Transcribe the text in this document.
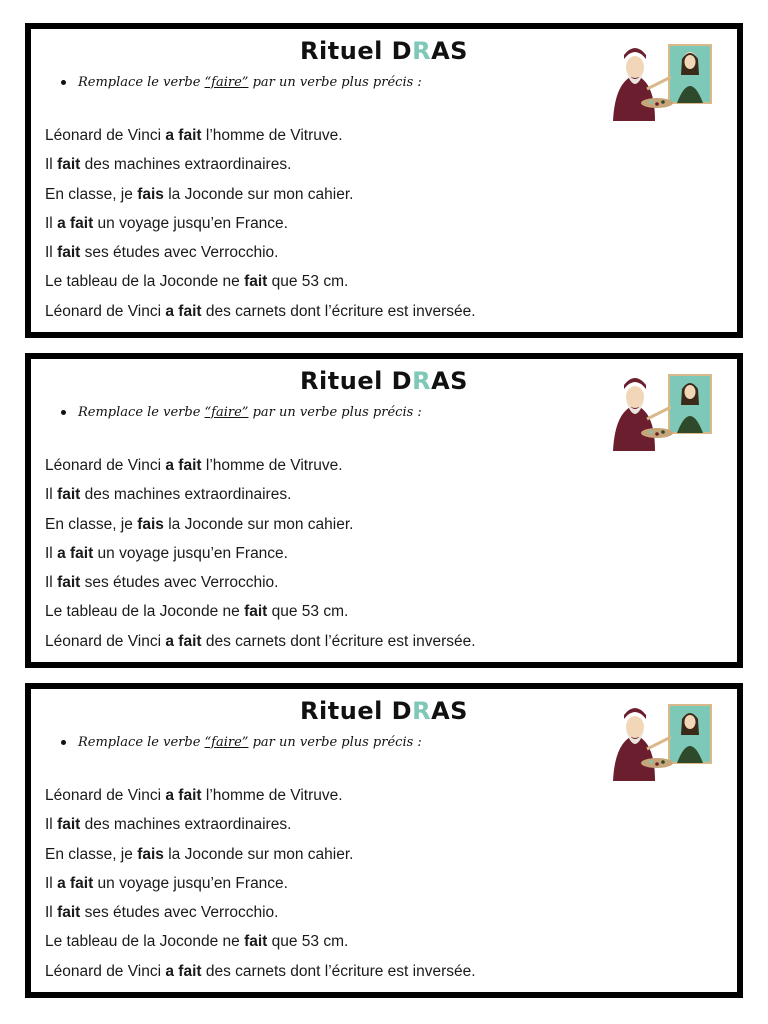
Rituel DRAS
Remplace le verbe “faire” par un verbe plus précis :
Léonard de Vinci a fait l’homme de Vitruve.
Il fait des machines extraordinaires.
En classe, je fais la Joconde sur mon cahier.
Il a fait un voyage jusqu’en France.
Il fait ses études avec Verrocchio.
Le tableau de la Joconde ne fait que 53 cm.
Léonard de Vinci a fait des carnets dont l’écriture est inversée.
Rituel DRAS
Remplace le verbe “faire” par un verbe plus précis :
Léonard de Vinci a fait l’homme de Vitruve.
Il fait des machines extraordinaires.
En classe, je fais la Joconde sur mon cahier.
Il a fait un voyage jusqu’en France.
Il fait ses études avec Verrocchio.
Le tableau de la Joconde ne fait que 53 cm.
Léonard de Vinci a fait des carnets dont l’écriture est inversée.
Rituel DRAS
Remplace le verbe “faire” par un verbe plus précis :
Léonard de Vinci a fait l’homme de Vitruve.
Il fait des machines extraordinaires.
En classe, je fais la Joconde sur mon cahier.
Il a fait un voyage jusqu’en France.
Il fait ses études avec Verrocchio.
Le tableau de la Joconde ne fait que 53 cm.
Léonard de Vinci a fait des carnets dont l’écriture est inversée.
